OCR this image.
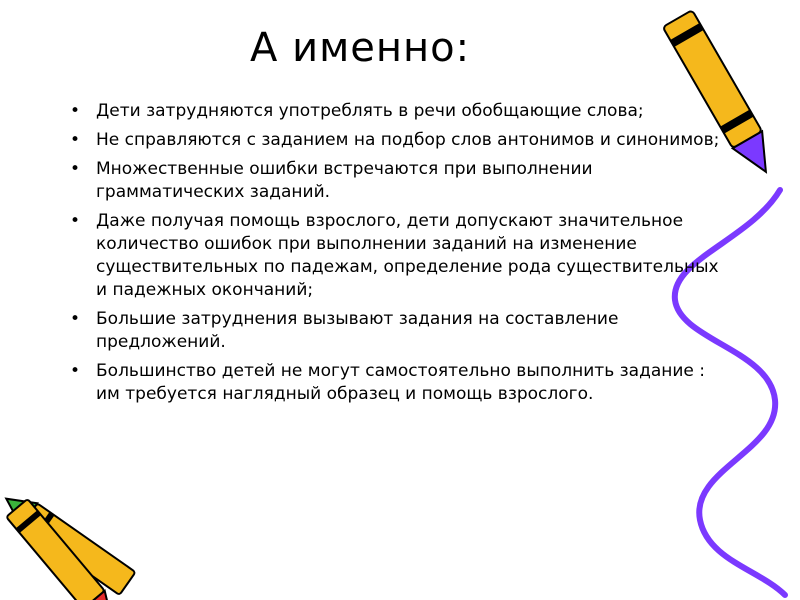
А именно:
• Дети затрудняются употреблять в речи обобщающие слова;
• Не справляются с заданием на подбор слов антонимов и синонимов;
• Множественные ошибки встречаются при выполнении грамматических заданий.
• Даже получая помощь взрослого, дети допускают значительное количество ошибок при выполнении заданий на изменение существительных по падежам, определение рода существительных и падежных окончаний;
• Большие затруднения вызывают задания на составление предложений.
• Большинство детей не могут самостоятельно выполнить задание : им требуется наглядный образец и помощь взрослого.
